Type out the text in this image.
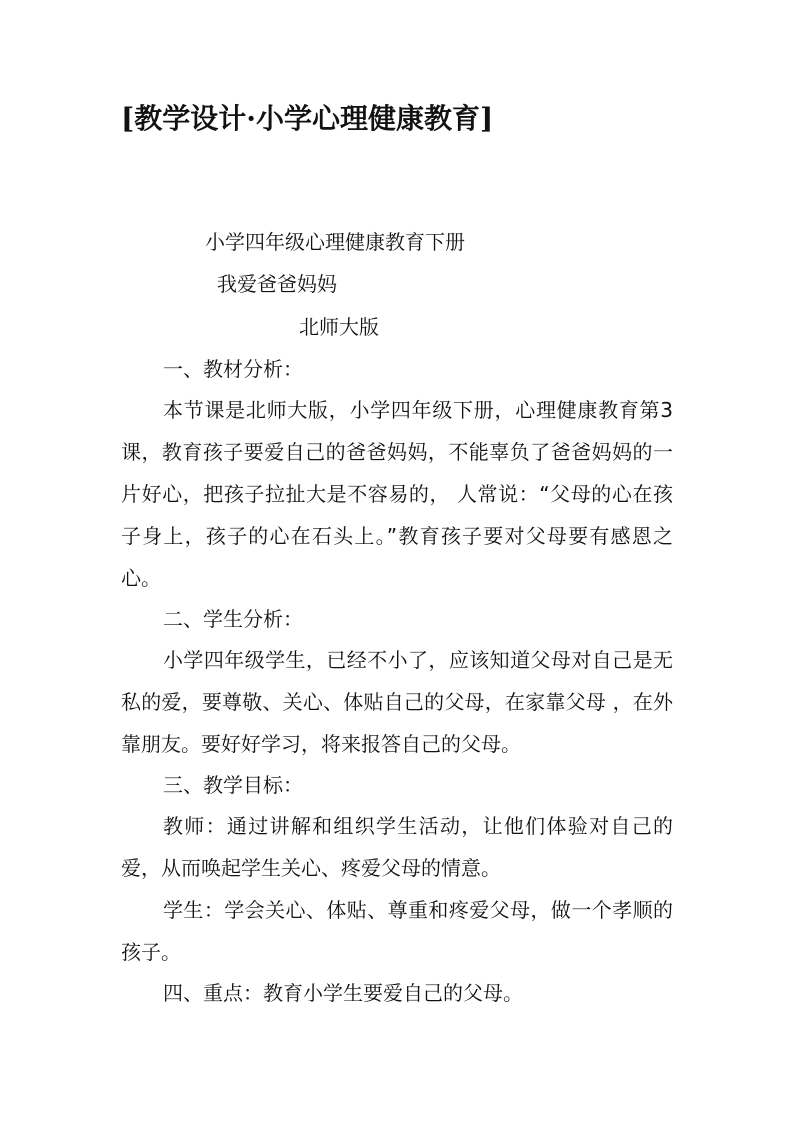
[教学设计·小学心理健康教育]
小学四年级心理健康教育下册
我爱爸爸妈妈
北师大版
一、教材分析：
本节课是北师大版，小学四年级下册，心理健康教育第3课，教育孩子要爱自己的爸爸妈妈，不能辜负了爸爸妈妈的一片好心，把孩子拉扯大是不容易的， 人常说：“父母的心在孩子身上，孩子的心在石头上。”教育孩子要对父母要有感恩之心。
二、学生分析：
小学四年级学生，已经不小了，应该知道父母对自己是无私的爱，要尊敬、关心、体贴自己的父母，在家靠父母 ，在外靠朋友。要好好学习，将来报答自己的父母。
三、教学目标：
教师：通过讲解和组织学生活动，让他们体验对自己的爱，从而唤起学生关心、疼爱父母的情意。
学生：学会关心、体贴、尊重和疼爱父母，做一个孝顺的孩子。
四、重点：教育小学生要爱自己的父母。
